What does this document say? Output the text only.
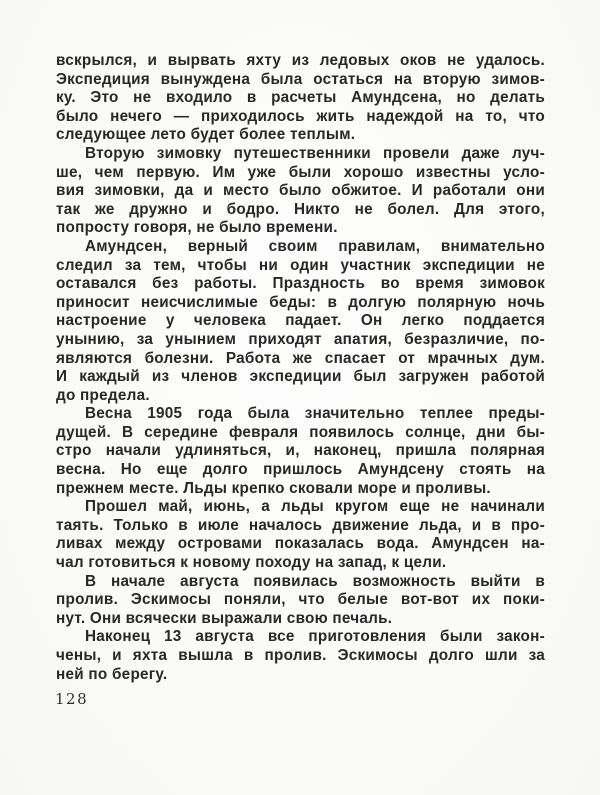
вскрылся, и вырвать яхту из ледовых оков не удалось.
Экспедиция вынуждена была остаться на вторую зимов-
ку. Это не входило в расчеты Амундсена, но делать
было нечего — приходилось жить надеждой на то, что
следующее лето будет более теплым.

Вторую зимовку путешественники провели даже луч-
ше, чем первую. Им уже были хорошо известны усло-
вия зимовки, да и место было обжитое. И работали они
так же дружно и бодро. Никто не болел. Для этого,
попросту говоря, не было времени.

Амундсен, верный своим правилам, внимательно
следил за тем, чтобы ни один участник экспедиции не
оставался без работы. Праздность во время зимовок
приносит неисчислимые беды: в долгую полярную ночь
настроение у человека падает. Он легко поддается
унынию, за унынием приходят апатия, безразличие, по-
являются болезни. Работа же спасает от мрачных дум.
И каждый из членов экспедиции был загружен работой
до предела.

Весна 1905 года была значительно теплее преды-
дущей. В середине февраля появилось солнце, дни бы-
стро начали удлиняться, и, наконец, пришла полярная
весна. Но еще долго пришлось Амундсену стоять на
прежнем месте. Льды крепко сковали море и проливы.

Прошел май, июнь, а льды кругом еще не начинали
таять. Только в июле началось движение льда, и в про-
ливах между островами показалась вода. Амундсен на-
чал готовиться к новому походу на запад, к цели.

В начале августа появилась возможность выйти в
пролив. Эскимосы поняли, что белые вот-вот их поки-
нут. Они всячески выражали свою печаль.

Наконец 13 августа все приготовления были закон-
чены, и яхта вышла в пролив. Эскимосы долго шли за
ней по берегу.

128
